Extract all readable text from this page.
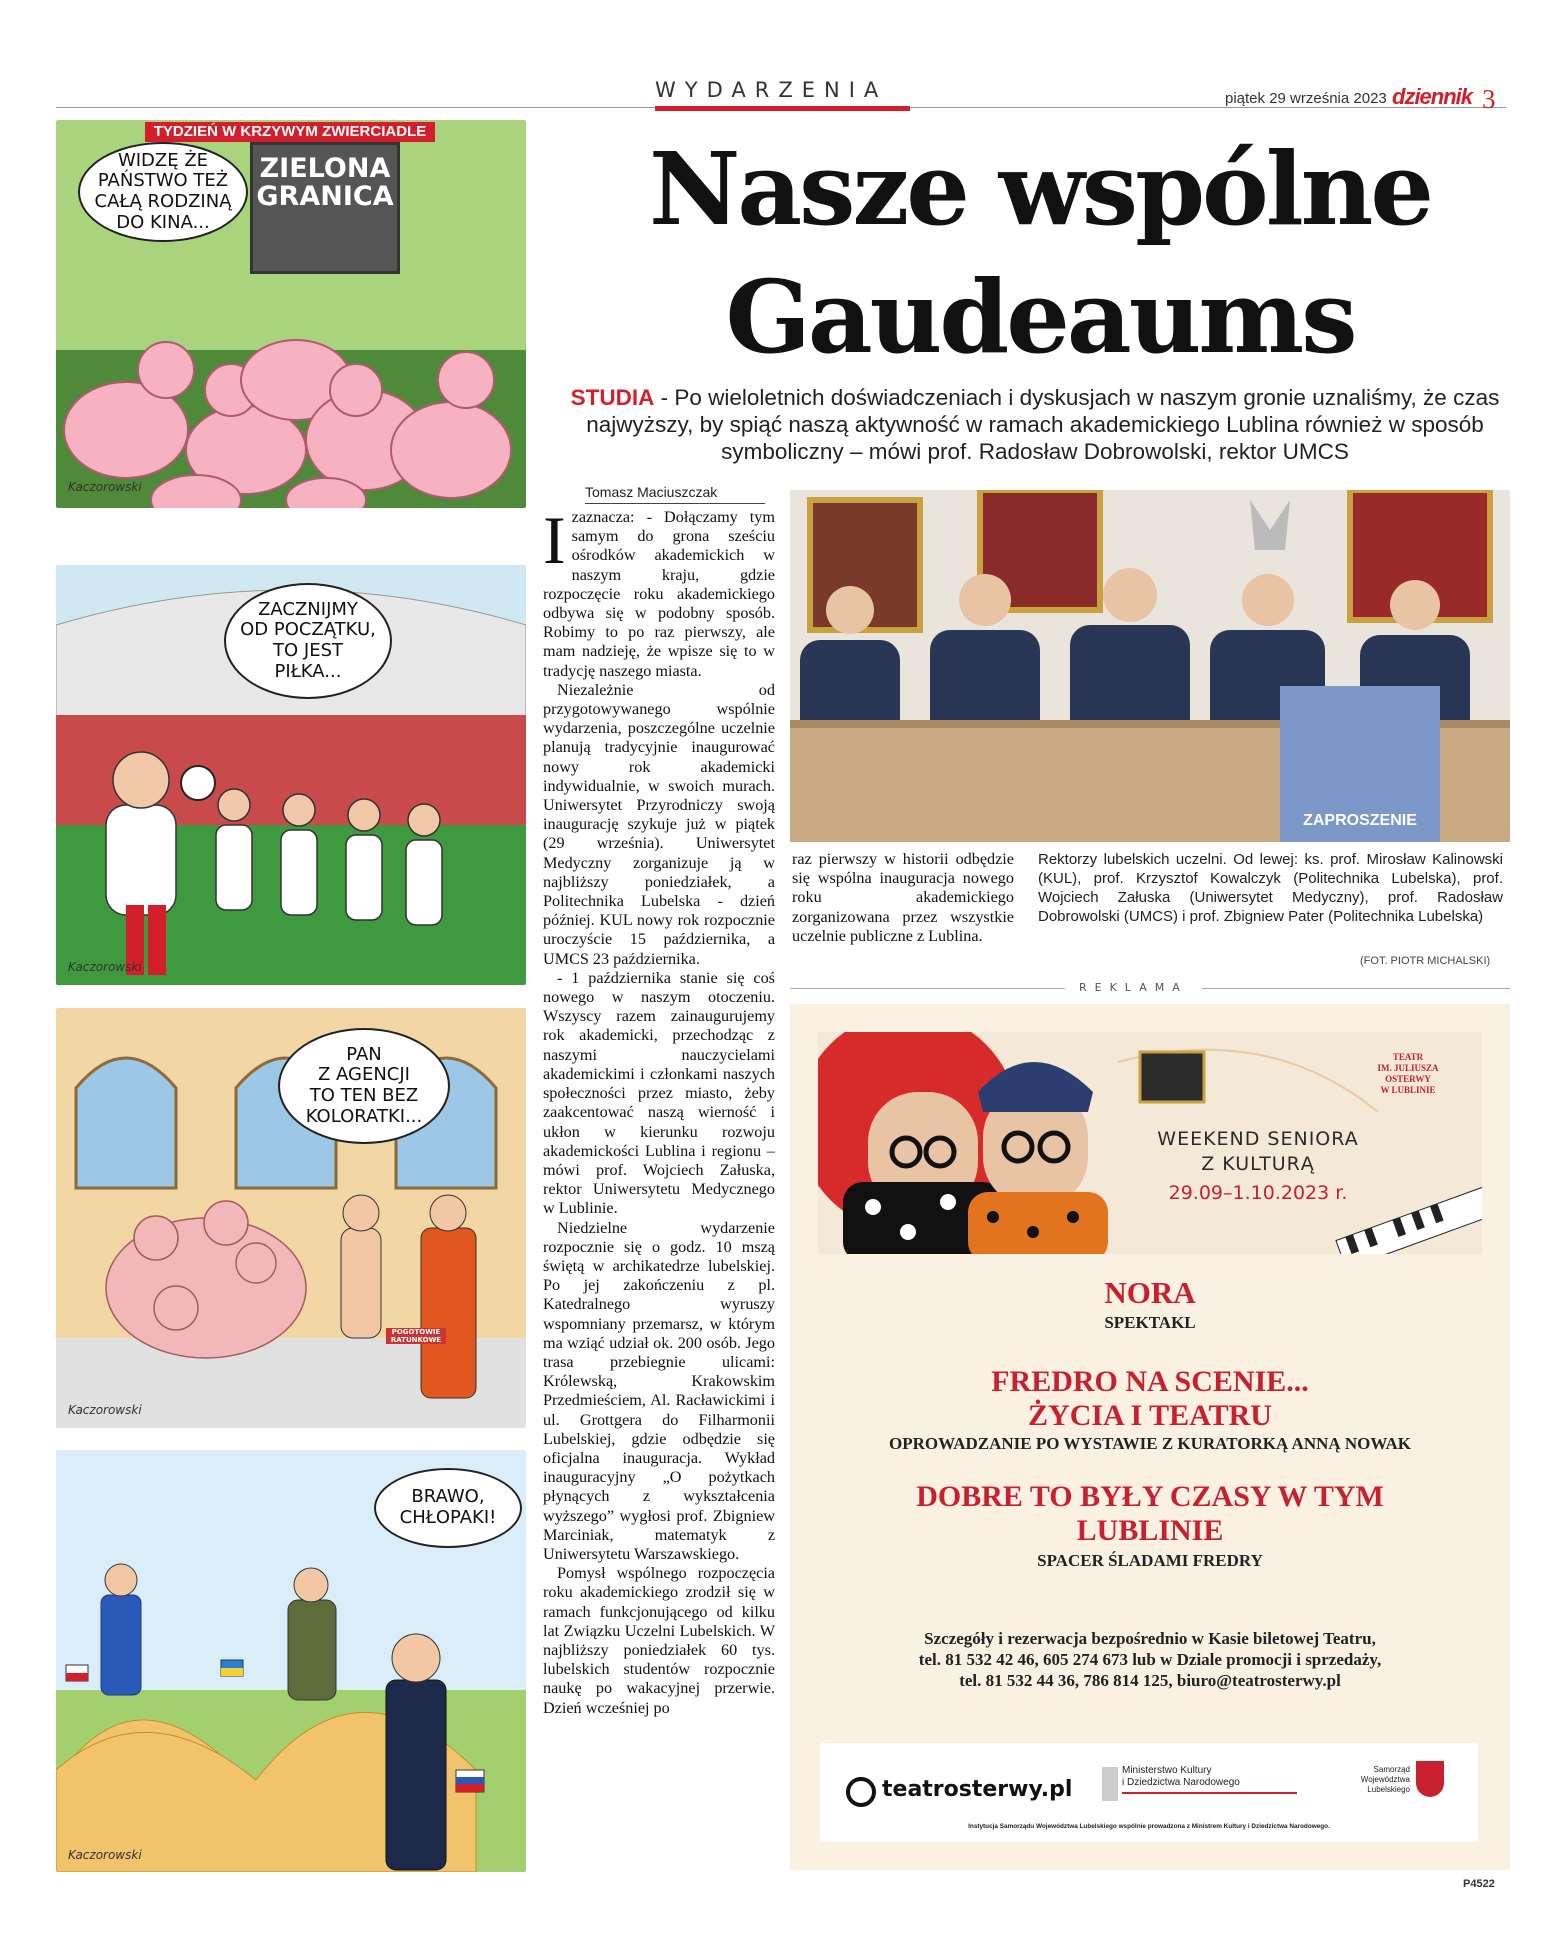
WYDARZENIA	piątek 29 września 2023 dziennik 3
ZIELONA GRANICA
WIDZĘ ŻE
PAŃSTWO TEŻ
CAŁĄ RODZINĄ
DO KINA...
Kaczorowski
TYDZIEŃ W KRZYWYM ZWIERCIADLE
ZACZNIJMY
OD POCZĄTKU,
TO JEST
PIŁKA...
Kaczorowski
PAN
Z AGENCJI
TO TEN BEZ
KOLORATKI...
POGOTOWIE
RATUNKOWE
Kaczorowski
BRAWO,
CHŁOPAKI!
Kaczorowski
Nasze wspólne
Gaudeaums
STUDIA - Po wieloletnich doświadczeniach i dyskusjach w naszym gronie uznaliśmy, że czas najwyższy, by spiąć naszą aktywność w ramach akademickiego Lublina również w sposób symboliczny – mówi prof. Radosław Dobrowolski, rektor UMCS
Tomasz Maciuszczak

Izaznacza: - Dołączamy tym samym do grona sześciu ośrodków akademickich w naszym kraju, gdzie rozpoczęcie roku akademickiego odbywa się w podobny sposób. Robimy to po raz pierwszy, ale mam nadzieję, że wpisze się to w tradycję naszego miasta.

Niezależnie od przygotowywanego wspólnie wydarzenia, poszczególne uczelnie planują tradycyjnie inaugurować nowy rok akademicki indywidualnie, w swoich murach. Uniwersytet Przyrodniczy swoją inaugurację szykuje już w piątek (29 września). Uniwersytet Medyczny zorganizuje ją w najbliższy poniedziałek, a Politechnika Lubelska - dzień później. KUL nowy rok rozpocznie uroczyście 15 października, a UMCS 23 października.

- 1 października stanie się coś nowego w naszym otoczeniu. Wszyscy razem zainaugurujemy rok akademicki, przechodząc z naszymi nauczycielami akademickimi i członkami naszych społeczności przez miasto, żeby zaakcentować naszą wierność i ukłon w kierunku rozwoju akademickości Lublina i regionu – mówi prof. Wojciech Załuska, rektor Uniwersytetu Medycznego w Lublinie.

Niedzielne wydarzenie rozpocznie się o godz. 10 mszą świętą w archikatedrze lubelskiej. Po jej zakończeniu z pl. Katedralnego wyruszy wspomniany przemarsz, w którym ma wziąć udział ok. 200 osób. Jego trasa przebiegnie ulicami: Królewską, Krakowskim Przedmieściem, Al. Racławickimi i ul. Grottgera do Filharmonii Lubelskiej, gdzie odbędzie się oficjalna inauguracja. Wykład inauguracyjny „O pożytkach płynących z wykształcenia wyższego” wygłosi prof. Zbigniew Marciniak, matematyk z Uniwersytetu Warszawskiego.

Pomysł wspólnego rozpoczęcia roku akademickiego zrodził się w ramach funkcjonującego od kilku lat Związku Uczelni Lubelskich. W najbliższy poniedziałek 60 tys. lubelskich studentów rozpocznie naukę po wakacyjnej przerwie. Dzień wcześniej po

ZAPROSZENIE

raz pierwszy w historii odbędzie się wspólna inauguracja nowego roku akademickiego zorganizowana przez wszystkie uczelnie publiczne z Lublina.

Rektorzy lubelskich uczelni. Od lewej: ks. prof. Mirosław Kalinowski (KUL), prof. Krzysztof Kowalczyk (Politechnika Lubelska), prof. Wojciech Załuska (Uniwersytet Medyczny), prof. Radosław Dobrowolski (UMCS) i prof. Zbigniew Pater (Politechnika Lubelska)
(FOT. PIOTR MICHALSKI)
REKLAMA
TEATR
IM. JULIUSZA
OSTERWY
W LUBLINIE
WEEKEND SENIORA
Z KULTURĄ
29.09–1.10.2023 r.
NORA
SPEKTAKL
FREDRO NA SCENIE...
ŻYCIA I TEATRU
OPROWADZANIE PO WYSTAWIE Z KURATORKĄ ANNĄ NOWAK
DOBRE TO BYŁY CZASY W TYM
LUBLINIE
SPACER ŚLADAMI FREDRY
Szczegóły i rezerwacja bezpośrednio w Kasie biletowej Teatru,
tel. 81 532 42 46, 605 274 673 lub w Dziale promocji i sprzedaży,
tel. 81 532 44 36, 786 814 125, biuro@teatrosterwy.pl
teatrosterwy.pl
Ministerstwo Kultury
i Dziedzictwa Narodowego
Samorząd
Województwa
Lubelskiego
Instytucja Samorządu Województwa Lubelskiego wspólnie prowadzona z Ministrem Kultury i Dziedzictwa Narodowego.
P4522
